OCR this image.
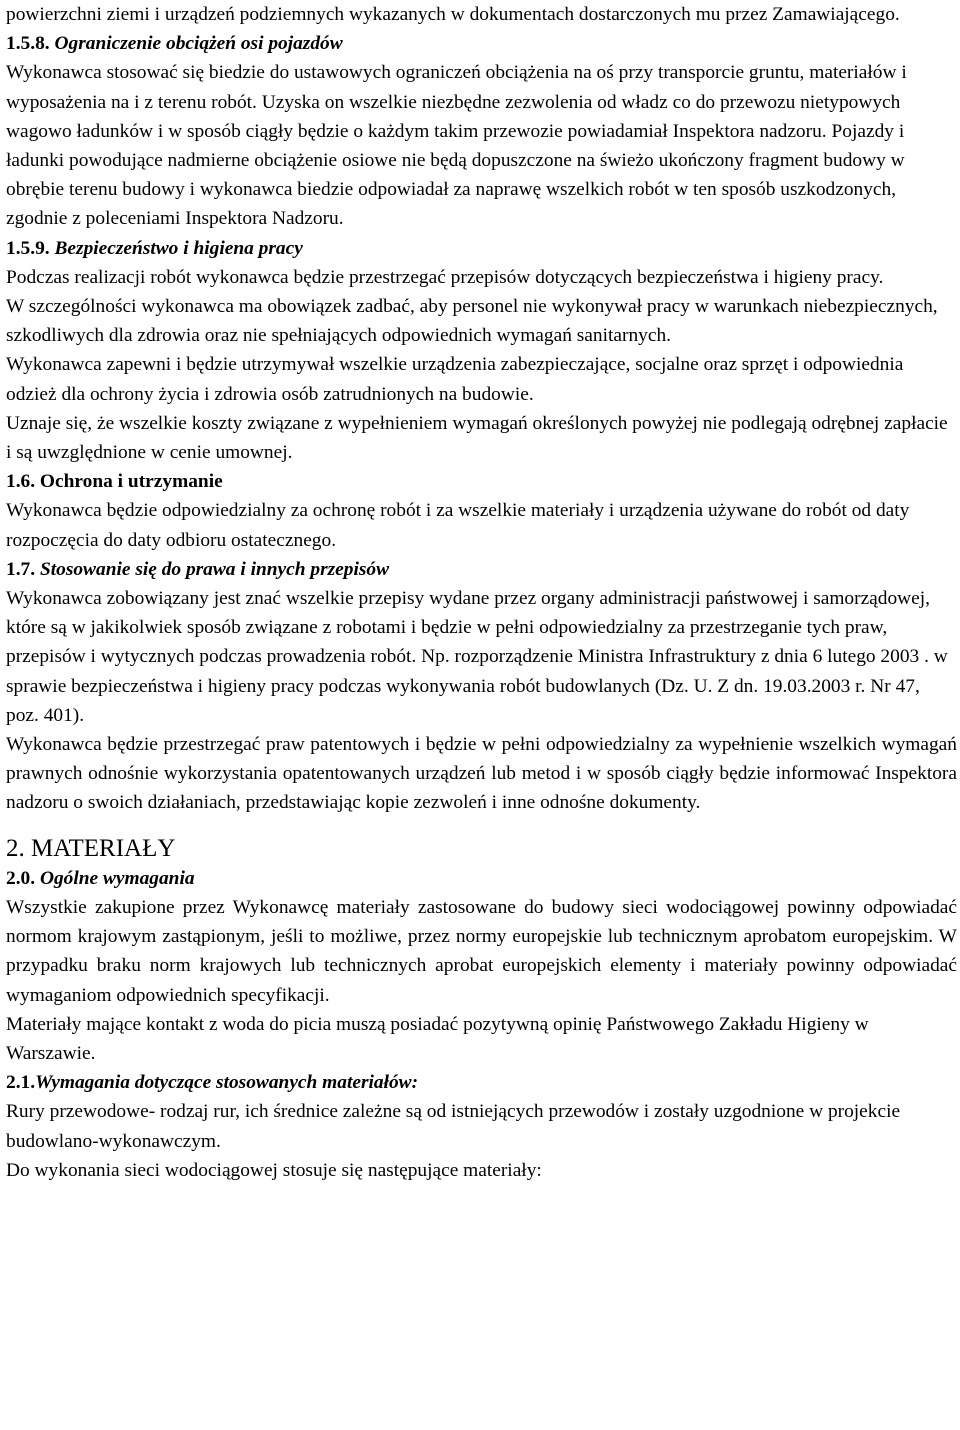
powierzchni ziemi i urządzeń podziemnych wykazanych w dokumentach dostarczonych mu przez Zamawiającego.

1.5.8. Ograniczenie obciążeń osi pojazdów

Wykonawca stosować się biedzie do ustawowych ograniczeń obciążenia na oś przy transporcie gruntu, materiałów i wyposażenia na i z terenu robót. Uzyska on wszelkie niezbędne zezwolenia od władz co do przewozu nietypowych wagowo ładunków i w sposób ciągły będzie o każdym takim przewozie powiadamiał Inspektora nadzoru. Pojazdy i ładunki powodujące nadmierne obciążenie osiowe nie będą dopuszczone na świeżo ukończony fragment budowy w obrębie terenu budowy i wykonawca biedzie odpowiadał za naprawę wszelkich robót w ten sposób uszkodzonych, zgodnie z poleceniami Inspektora Nadzoru.

1.5.9. Bezpieczeństwo i higiena pracy

Podczas realizacji robót wykonawca będzie przestrzegać przepisów dotyczących bezpieczeństwa i higieny pracy.

W szczególności wykonawca ma obowiązek zadbać, aby personel nie wykonywał pracy w warunkach niebezpiecznych, szkodliwych dla zdrowia oraz nie spełniających odpowiednich wymagań sanitarnych.

Wykonawca zapewni i będzie utrzymywał wszelkie urządzenia zabezpieczające, socjalne oraz sprzęt i odpowiednia odzież dla ochrony życia i zdrowia osób zatrudnionych na budowie.

Uznaje się, że wszelkie koszty związane z wypełnieniem wymagań określonych powyżej nie podlegają odrębnej zapłacie i są uwzględnione w cenie umownej.

1.6. Ochrona i utrzymanie

Wykonawca będzie odpowiedzialny za ochronę robót i za wszelkie materiały i urządzenia używane do robót od daty rozpoczęcia do daty odbioru ostatecznego.

1.7. Stosowanie się do prawa i innych przepisów

Wykonawca zobowiązany jest znać wszelkie przepisy wydane przez organy administracji państwowej i samorządowej, które są w jakikolwiek sposób związane z robotami i będzie w pełni odpowiedzialny za przestrzeganie tych praw, przepisów i wytycznych podczas prowadzenia robót. Np. rozporządzenie Ministra Infrastruktury z dnia 6 lutego 2003 . w sprawie bezpieczeństwa i higieny pracy podczas wykonywania robót budowlanych (Dz. U. Z dn. 19.03.2003 r. Nr 47, poz. 401).

Wykonawca będzie przestrzegać praw patentowych i będzie w pełni odpowiedzialny za wypełnienie wszelkich wymagań prawnych odnośnie wykorzystania opatentowanych urządzeń lub metod i w sposób ciągły będzie informować Inspektora nadzoru o swoich działaniach, przedstawiając kopie zezwoleń i inne odnośne dokumenty.

2. MATERIAŁY

2.0. Ogólne wymagania

Wszystkie zakupione przez Wykonawcę materiały zastosowane do budowy sieci wodociągowej powinny odpowiadać normom krajowym zastąpionym, jeśli to możliwe, przez normy europejskie lub technicznym aprobatom europejskim. W przypadku braku norm krajowych lub technicznych aprobat europejskich elementy i materiały powinny odpowiadać wymaganiom odpowiednich specyfikacji.

Materiały mające kontakt z woda do picia muszą posiadać pozytywną opinię Państwowego Zakładu Higieny w Warszawie.

2.1.Wymagania dotyczące stosowanych materiałów:

Rury przewodowe- rodzaj rur, ich średnice zależne są od istniejących przewodów i zostały uzgodnione w projekcie budowlano-wykonawczym.

Do wykonania sieci wodociągowej stosuje się następujące materiały:
